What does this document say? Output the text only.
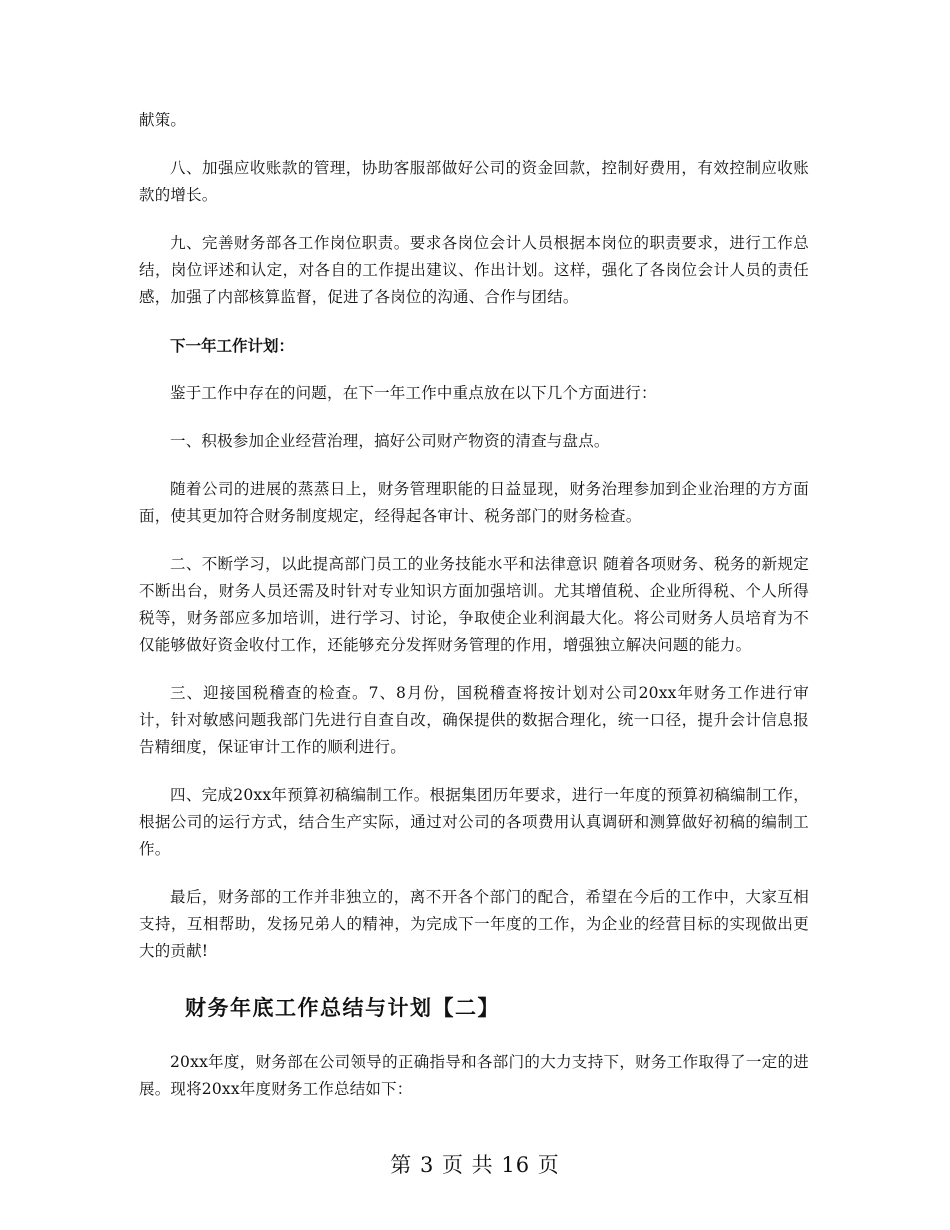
献策。

八、加强应收账款的管理，协助客服部做好公司的资金回款，控制好费用，有效控制应收账款的增长。

九、完善财务部各工作岗位职责。要求各岗位会计人员根据本岗位的职责要求，进行工作总结，岗位评述和认定，对各自的工作提出建议、作出计划。这样，强化了各岗位会计人员的责任感，加强了内部核算监督，促进了各岗位的沟通、合作与团结。

下一年工作计划：

鉴于工作中存在的问题，在下一年工作中重点放在以下几个方面进行：

一、积极参加企业经营治理，搞好公司财产物资的清查与盘点。

随着公司的进展的蒸蒸日上，财务管理职能的日益显现，财务治理参加到企业治理的方方面面，使其更加符合财务制度规定，经得起各审计、税务部门的财务检查。

二、不断学习，以此提高部门员工的业务技能水平和法律意识 随着各项财务、税务的新规定不断出台，财务人员还需及时针对专业知识方面加强培训。尤其增值税、企业所得税、个人所得税等，财务部应多加培训，进行学习、讨论，争取使企业利润最大化。将公司财务人员培育为不仅能够做好资金收付工作，还能够充分发挥财务管理的作用，增强独立解决问题的能力。

三、迎接国税稽查的检查。7、8月份，国税稽查将按计划对公司20xx年财务工作进行审计，针对敏感问题我部门先进行自查自改，确保提供的数据合理化，统一口径，提升会计信息报告精细度，保证审计工作的顺利进行。

四、完成20xx年预算初稿编制工作。根据集团历年要求，进行一年度的预算初稿编制工作，根据公司的运行方式，结合生产实际，通过对公司的各项费用认真调研和测算做好初稿的编制工作。

最后，财务部的工作并非独立的，离不开各个部门的配合，希望在今后的工作中，大家互相支持，互相帮助，发扬兄弟人的精神，为完成下一年度的工作，为企业的经营目标的实现做出更大的贡献!

财务年底工作总结与计划【二】

20xx年度，财务部在公司领导的正确指导和各部门的大力支持下，财务工作取得了一定的进展。现将20xx年度财务工作总结如下：

第 3 页 共 16 页
